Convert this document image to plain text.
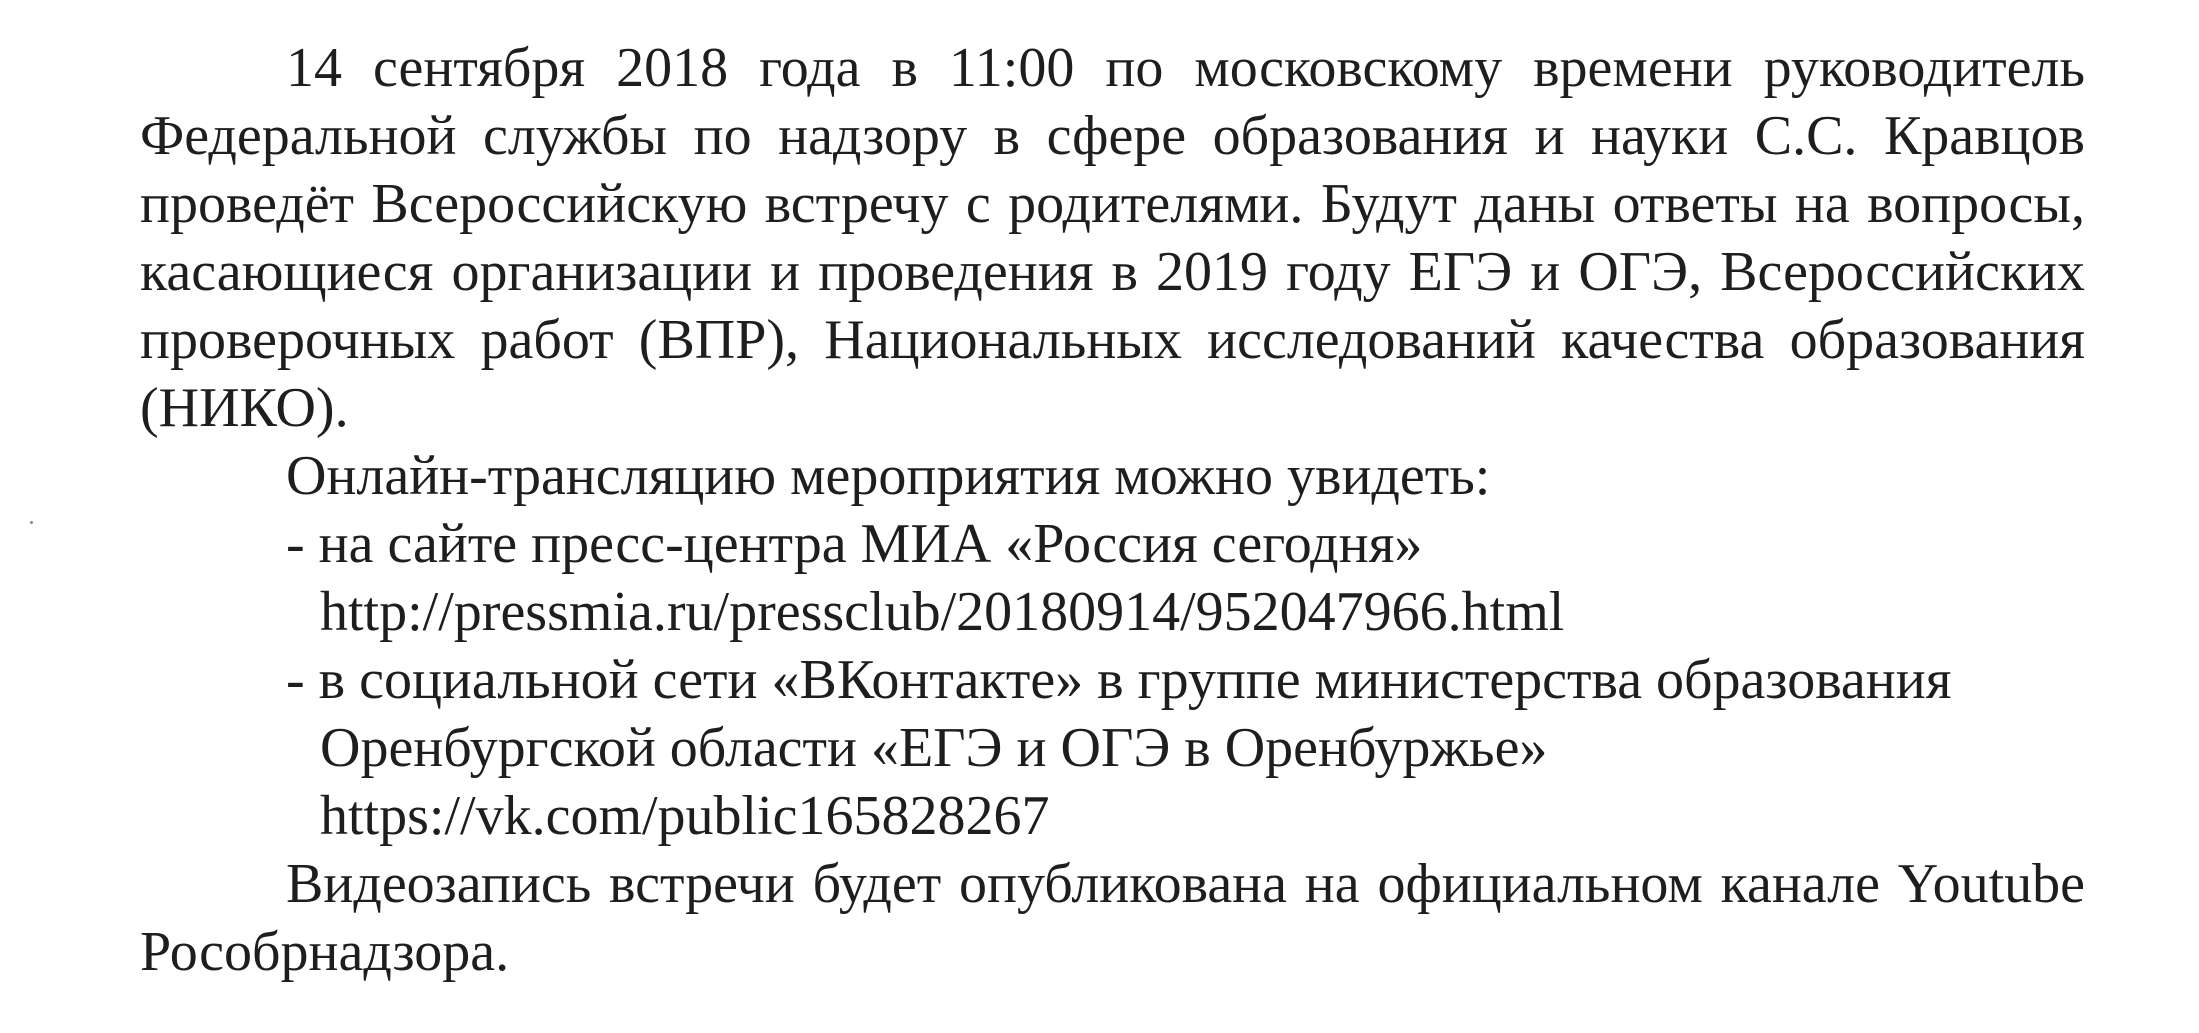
14 сентября 2018 года в 11:00 по московскому времени руководитель Федеральной службы по надзору в сфере образования и науки С.С. Кравцов проведёт Всероссийскую встречу с родителями. Будут даны ответы на вопросы, касающиеся организации и проведения в 2019 году ЕГЭ и ОГЭ, Всероссийских проверочных работ (ВПР), Национальных исследований качества образования (НИКО).

Онлайн-трансляцию мероприятия можно увидеть:

- на сайте пресс-центра МИА «Россия сегодня»
http://pressmia.ru/pressclub/20180914/952047966.html
- в социальной сети «ВКонтакте» в группе министерства образования
Оренбургской области «ЕГЭ и ОГЭ в Оренбуржье»
https://vk.com/public165828267

Видеозапись встречи будет опубликована на официальном канале Youtube Рособрнадзора.
